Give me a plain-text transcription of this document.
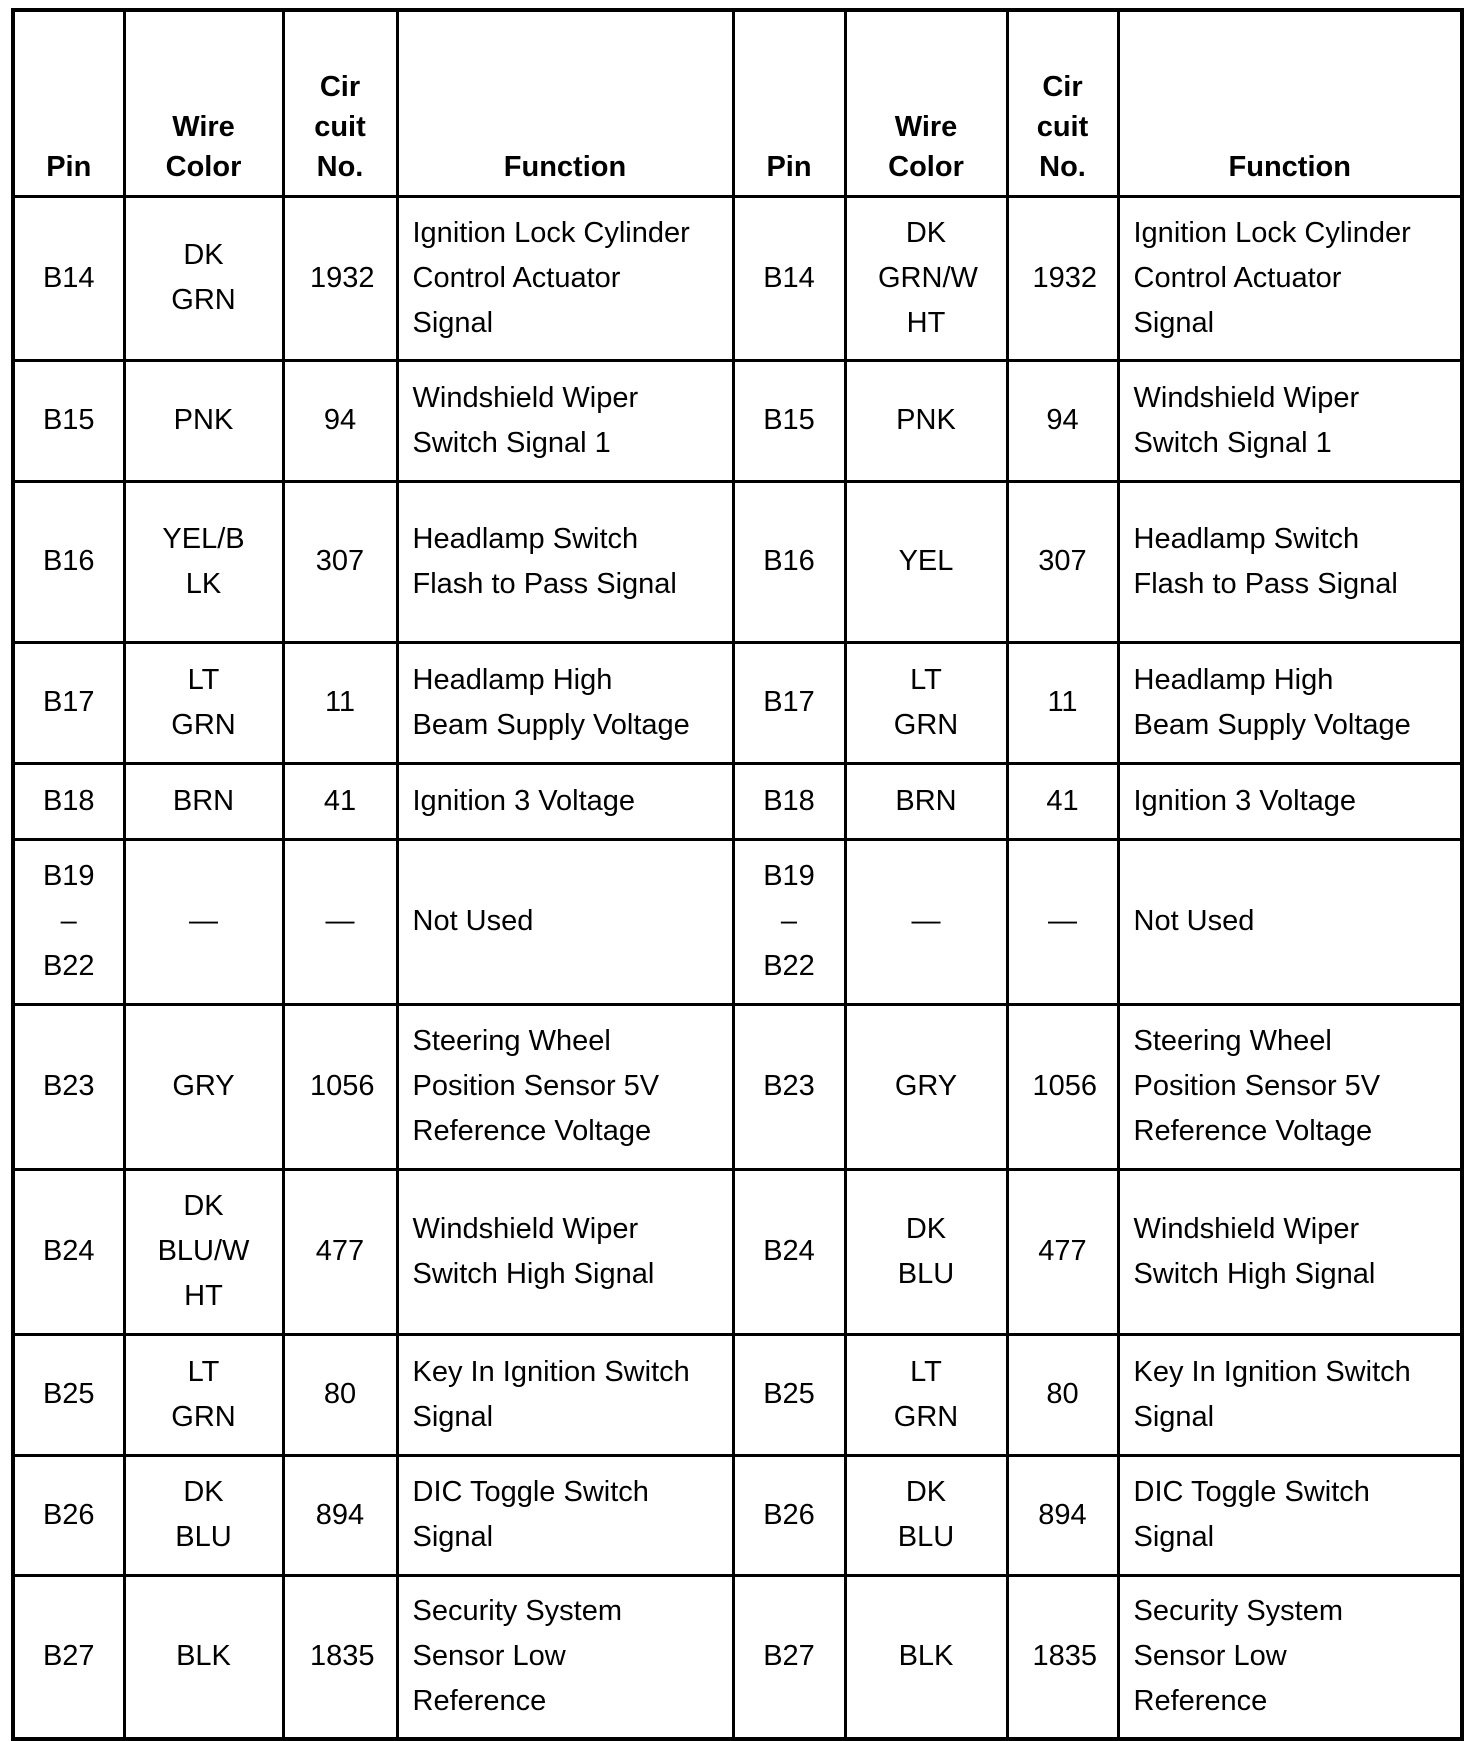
Pin	Wire
Color	Cir
cuit
No.	Function	Pin	Wire
Color	Cir
cuit
No.	Function

B14	DK GRN	1932	Ignition Lock Cylinder
Control Actuator
Signal	B14	DK
GRN/W
HT	1932	Ignition Lock Cylinder
Control Actuator
Signal

B15	PNK	94	Windshield Wiper
Switch Signal 1	B15	PNK	94	Windshield Wiper
Switch Signal 1

B16	YEL/B
LK	307	Headlamp Switch
Flash to Pass Signal	B16	YEL	307	Headlamp Switch
Flash to Pass Signal

B17	LT GRN	11	Headlamp High
Beam Supply Voltage	B17	LT GRN	11	Headlamp High
Beam Supply Voltage

B18	BRN	41	Ignition 3 Voltage	B18	BRN	41	Ignition 3 Voltage

B19
–
B22	—	—	Not Used	B19
–
B22	—	—	Not Used

B23	GRY	1056	Steering Wheel
Position Sensor 5V
Reference Voltage	B23	GRY	1056	Steering Wheel
Position Sensor 5V
Reference Voltage

B24	DK
BLU/W
HT	477	Windshield Wiper
Switch High Signal	B24	DK BLU	477	Windshield Wiper
Switch High Signal

B25	LT GRN	80	Key In Ignition Switch
Signal	B25	LT GRN	80	Key In Ignition Switch
Signal

B26	DK BLU	894	DIC Toggle Switch
Signal	B26	DK BLU	894	DIC Toggle Switch
Signal

B27	BLK	1835	Security System
Sensor Low
Reference	B27	BLK	1835	Security System
Sensor Low
Reference
